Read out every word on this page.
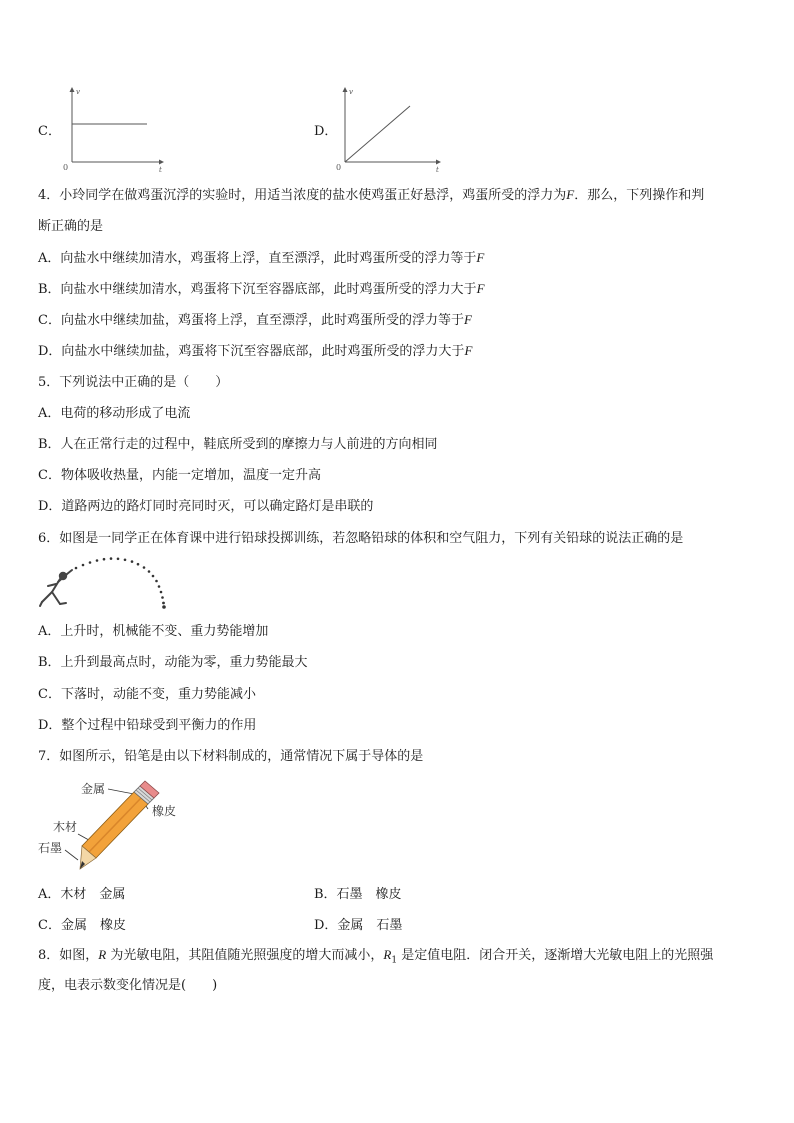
C．
v
t
0
D．
v
t
0
4．小玲同学在做鸡蛋沉浮的实验时，用适当浓度的盐水使鸡蛋正好悬浮，鸡蛋所受的浮力为F．那么，下列操作和判
断正确的是
A．向盐水中继续加清水，鸡蛋将上浮，直至漂浮，此时鸡蛋所受的浮力等于F
B．向盐水中继续加清水，鸡蛋将下沉至容器底部，此时鸡蛋所受的浮力大于F
C．向盐水中继续加盐，鸡蛋将上浮，直至漂浮，此时鸡蛋所受的浮力等于F
D．向盐水中继续加盐，鸡蛋将下沉至容器底部，此时鸡蛋所受的浮力大于F
5．下列说法中正确的是（　　）
A．电荷的移动形成了电流
B．人在正常行走的过程中，鞋底所受到的摩擦力与人前进的方向相同
C．物体吸收热量，内能一定增加，温度一定升高
D．道路两边的路灯同时亮同时灭，可以确定路灯是串联的
6．如图是一同学正在体育课中进行铅球投掷训练，若忽略铅球的体积和空气阻力，下列有关铅球的说法正确的是
A．上升时，机械能不变、重力势能增加
B．上升到最高点时，动能为零，重力势能最大
C．下落时，动能不变，重力势能减小
D．整个过程中铅球受到平衡力的作用
7．如图所示，铅笔是由以下材料制成的，通常情况下属于导体的是
金属
橡皮
木材
石墨
A．木材　金属	B．石墨　橡皮
C．金属　橡皮	D．金属　石墨
8．如图，R 为光敏电阻，其阻值随光照强度的增大而减小，$R_1$ 是定值电阻．闭合开关，逐渐增大光敏电阻上的光照强
度，电表示数变化情况是(　　)
